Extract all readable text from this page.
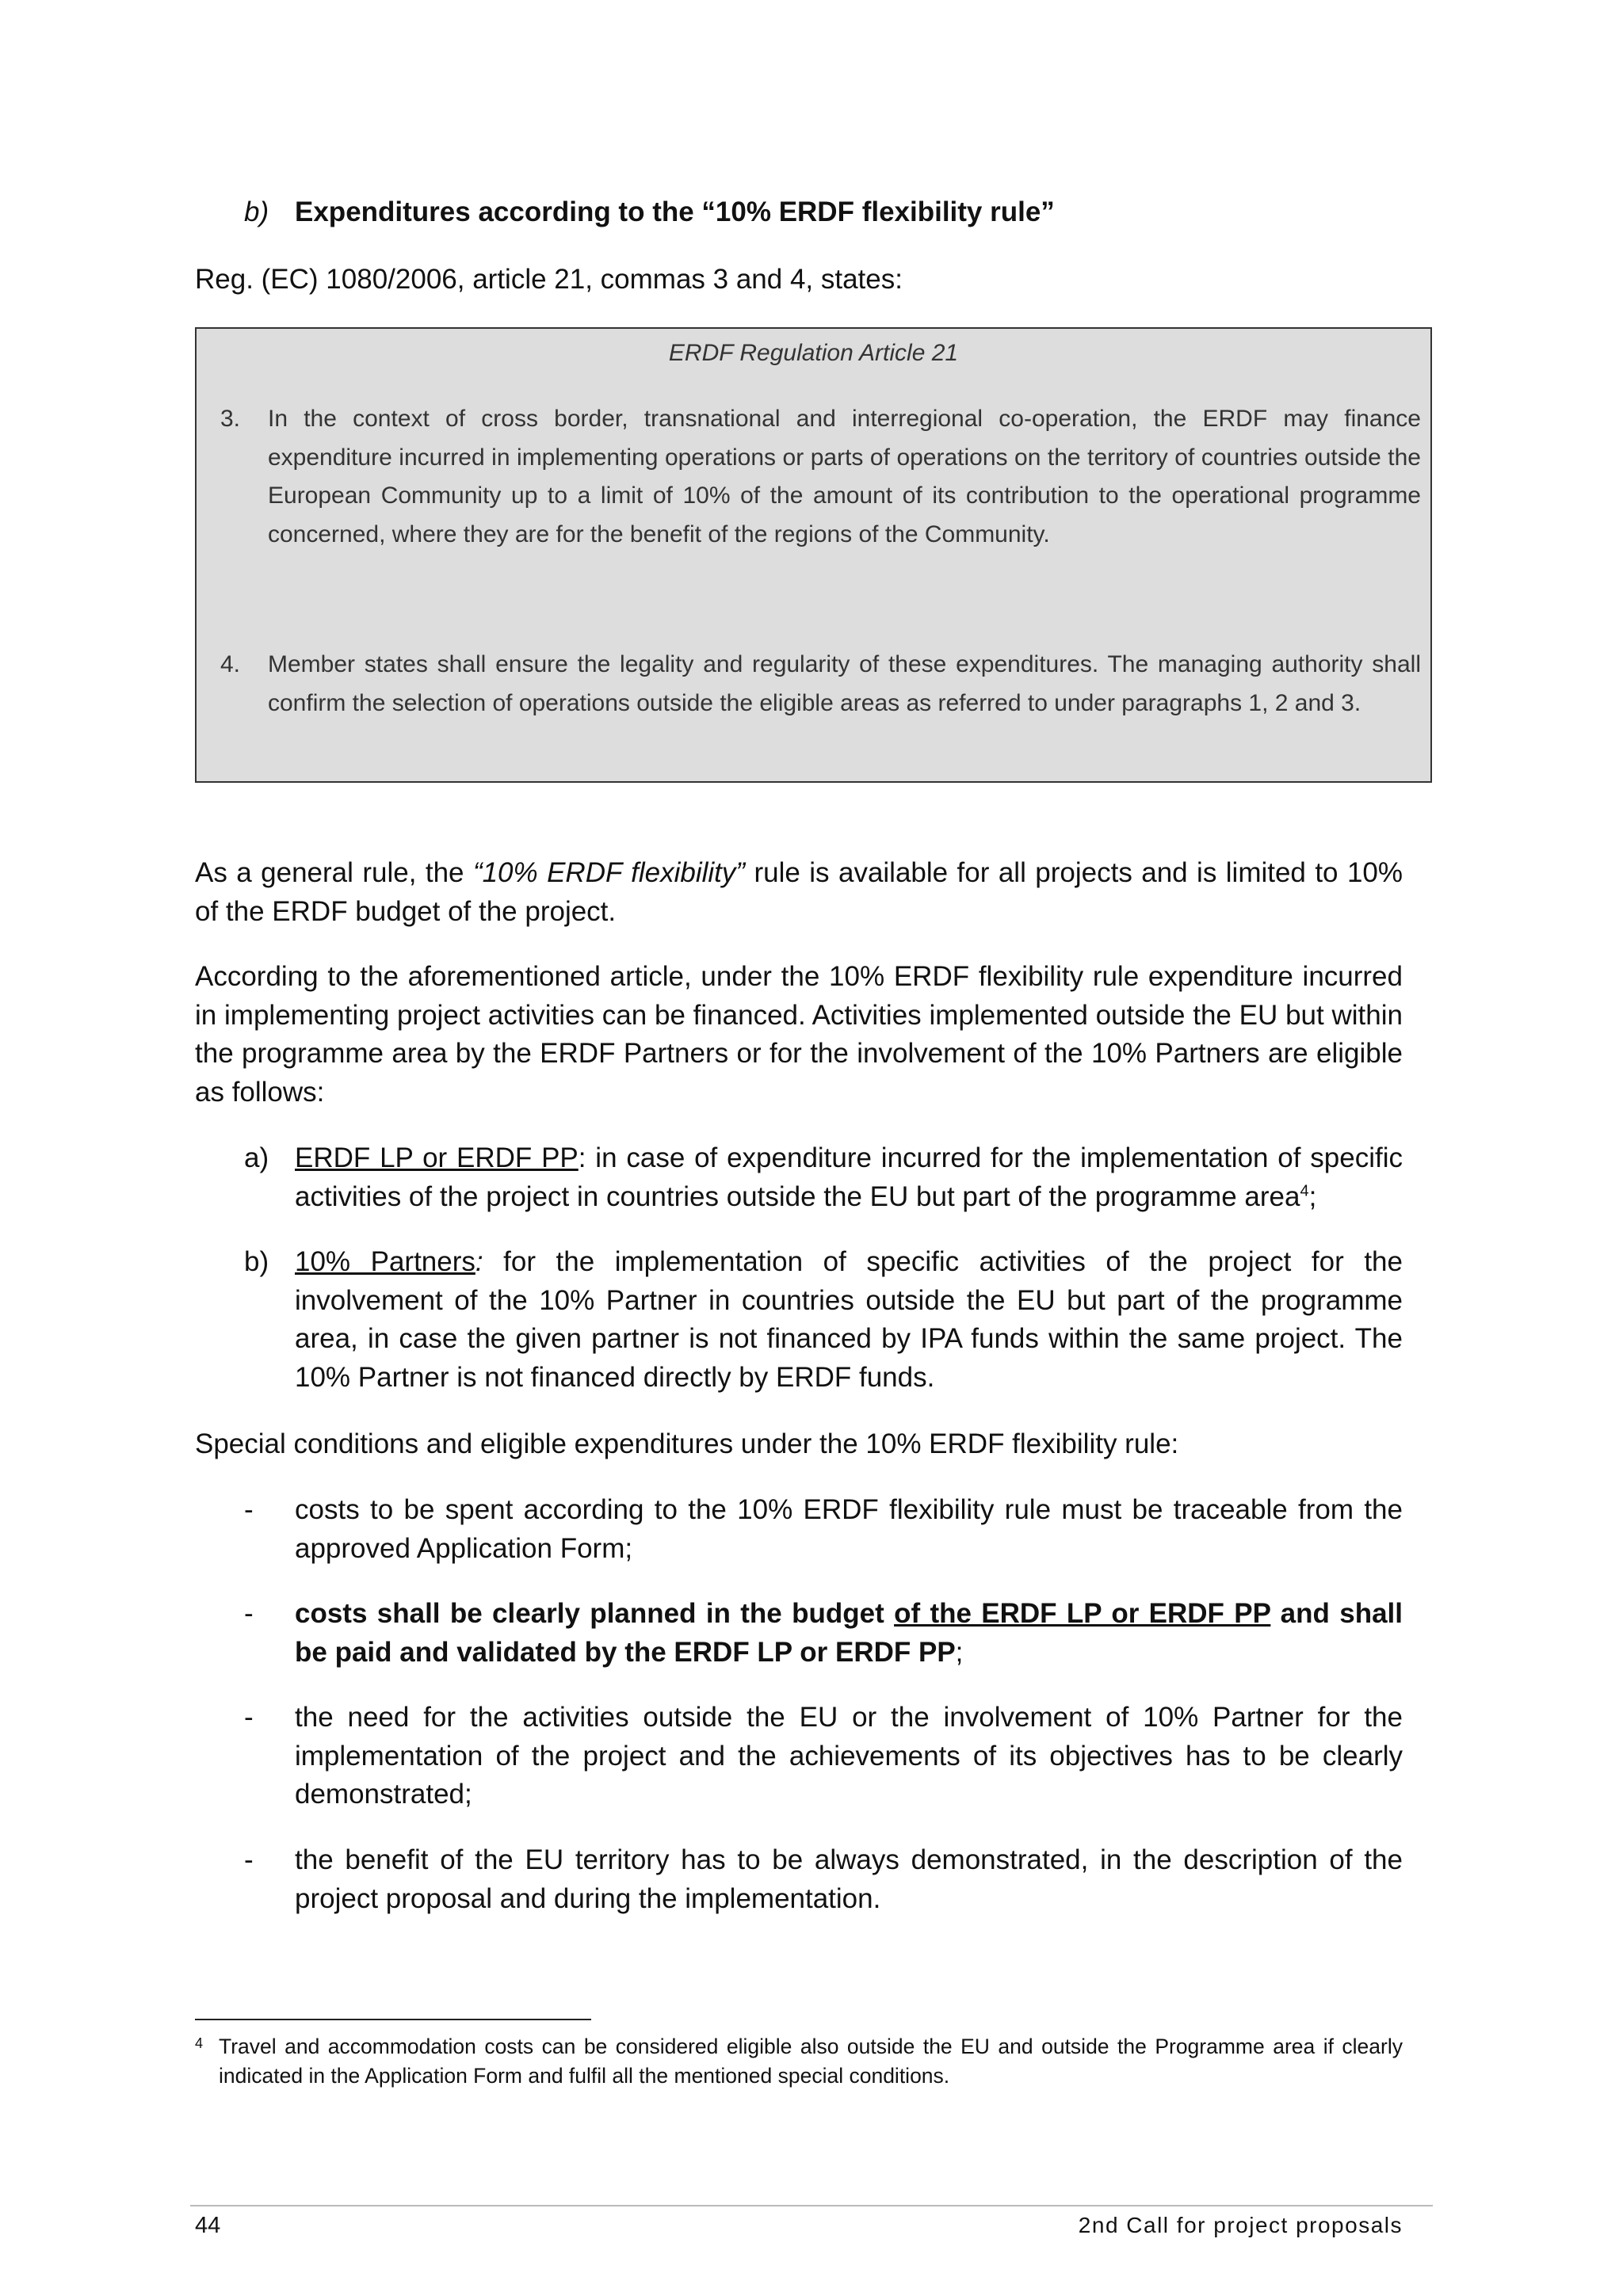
b) Expenditures according to the “10% ERDF flexibility rule”
Reg. (EC) 1080/2006, article 21, commas 3 and 4, states:
ERDF Regulation Article 21
3. In the context of cross border, transnational and interregional co-operation, the ERDF may finance expenditure incurred in implementing operations or parts of operations on the territory of countries outside the European Community up to a limit of 10% of the amount of its contribution to the operational programme concerned, where they are for the benefit of the regions of the Community.
4. Member states shall ensure the legality and regularity of these expenditures. The managing authority shall confirm the selection of operations outside the eligible areas as referred to under paragraphs 1, 2 and 3.
As a general rule, the “10% ERDF flexibility” rule is available for all projects and is limited to 10% of the ERDF budget of the project.
According to the aforementioned article, under the 10% ERDF flexibility rule expenditure incurred in implementing project activities can be financed. Activities implemented outside the EU but within the programme area by the ERDF Partners or for the involvement of the 10% Partners are eligible as follows:
a) ERDF LP or ERDF PP: in case of expenditure incurred for the implementation of specific activities of the project in countries outside the EU but part of the programme area$^4$;
b) 10% Partners: for the implementation of specific activities of the project for the involvement of the 10% Partner in countries outside the EU but part of the programme area, in case the given partner is not financed by IPA funds within the same project. The 10% Partner is not financed directly by ERDF funds.
Special conditions and eligible expenditures under the 10% ERDF flexibility rule:
- costs to be spent according to the 10% ERDF flexibility rule must be traceable from the approved Application Form;
- costs shall be clearly planned in the budget of the ERDF LP or ERDF PP and shall be paid and validated by the ERDF LP or ERDF PP;
- the need for the activities outside the EU or the involvement of 10% Partner for the implementation of the project and the achievements of its objectives has to be clearly demonstrated;
- the benefit of the EU territory has to be always demonstrated, in the description of the project proposal and during the implementation.
4 Travel and accommodation costs can be considered eligible also outside the EU and outside the Programme area if clearly indicated in the Application Form and fulfil all the mentioned special conditions.
44	2nd Call for project proposals
